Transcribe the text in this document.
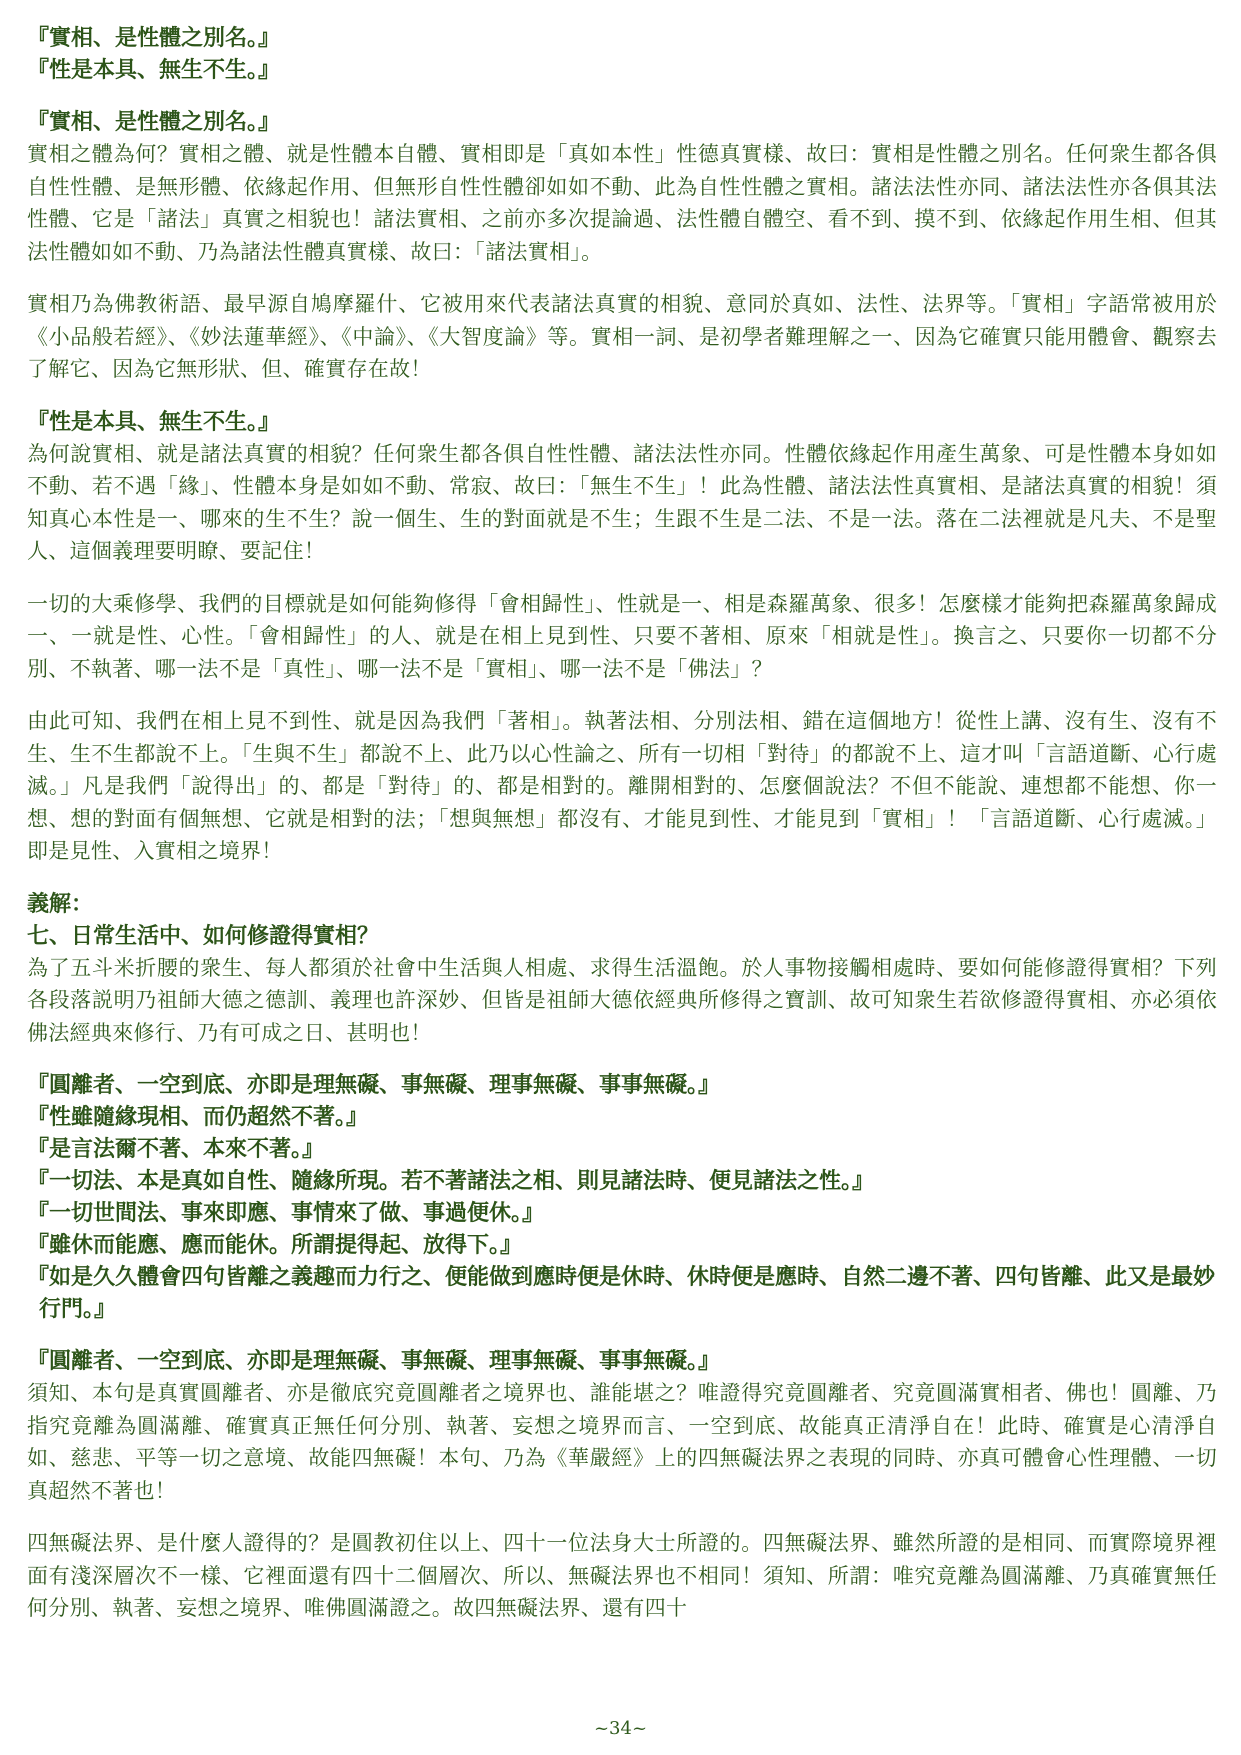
『實相、是性體之別名。』

『性是本具、無生不生。』

『實相、是性體之別名。』

實相之體為何？實相之體、就是性體本自體、實相即是「真如本性」性德真實樣、故曰：實相是性體之別名。任何衆生都各俱自性性體、是無形體、依緣起作用、但無形自性性體卻如如不動、此為自性性體之實相。諸法法性亦同、諸法法性亦各俱其法性體、它是「諸法」真實之相貌也！諸法實相、之前亦多次提論過、法性體自體空、看不到、摸不到、依緣起作用生相、但其法性體如如不動、乃為諸法性體真實樣、故曰：「諸法實相」。

實相乃為佛教術語、最早源自鳩摩羅什、它被用來代表諸法真實的相貌、意同於真如、法性、法界等。「實相」字語常被用於《小品般若經》、《妙法蓮華經》、《中論》、《大智度論》等。實相一詞、是初學者難理解之一、因為它確實只能用體會、觀察去了解它、因為它無形狀、但、確實存在故！

『性是本具、無生不生。』

為何說實相、就是諸法真實的相貌？任何衆生都各俱自性性體、諸法法性亦同。性體依緣起作用產生萬象、可是性體本身如如不動、若不遇「緣」、性體本身是如如不動、常寂、故曰：「無生不生」！此為性體、諸法法性真實相、是諸法真實的相貌！須知真心本性是一、哪來的生不生？說一個生、生的對面就是不生；生跟不生是二法、不是一法。落在二法裡就是凡夫、不是聖人、這個義理要明瞭、要記住！

一切的大乘修學、我們的目標就是如何能夠修得「會相歸性」、性就是一、相是森羅萬象、很多！怎麼樣才能夠把森羅萬象歸成一、一就是性、心性。「會相歸性」的人、就是在相上見到性、只要不著相、原來「相就是性」。換言之、只要你一切都不分別、不執著、哪一法不是「真性」、哪一法不是「實相」、哪一法不是「佛法」？

由此可知、我們在相上見不到性、就是因為我們「著相」。執著法相、分別法相、錯在這個地方！從性上講、沒有生、沒有不生、生不生都說不上。「生與不生」都說不上、此乃以心性論之、所有一切相「對待」的都說不上、這才叫「言語道斷、心行處滅。」凡是我們「說得出」的、都是「對待」的、都是相對的。離開相對的、怎麼個說法？不但不能說、連想都不能想、你一想、想的對面有個無想、它就是相對的法；「想與無想」都沒有、才能見到性、才能見到「實相」！「言語道斷、心行處滅。」即是見性、入實相之境界！

義解：

七、日常生活中、如何修證得實相？

為了五斗米折腰的衆生、每人都須於社會中生活與人相處、求得生活溫飽。於人事物接觸相處時、要如何能修證得實相？下列各段落説明乃祖師大德之德訓、義理也許深妙、但皆是祖師大德依經典所修得之寶訓、故可知衆生若欲修證得實相、亦必須依佛法經典來修行、乃有可成之日、甚明也！

『圓離者、一空到底、亦即是理無礙、事無礙、理事無礙、事事無礙。』

『性雖隨緣現相、而仍超然不著。』

『是言法爾不著、本來不著。』

『一切法、本是真如自性、隨緣所現。若不著諸法之相、則見諸法時、便見諸法之性。』

『一切世間法、事來即應、事情來了做、事過便休。』

『雖休而能應、應而能休。所謂提得起、放得下。』

『如是久久體會四句皆離之義趣而力行之、便能做到應時便是休時、休時便是應時、自然二邊不著、四句皆離、此又是最妙行門。』

『圓離者、一空到底、亦即是理無礙、事無礙、理事無礙、事事無礙。』

須知、本句是真實圓離者、亦是徹底究竟圓離者之境界也、誰能堪之？唯證得究竟圓離者、究竟圓滿實相者、佛也！圓離、乃指究竟離為圓滿離、確實真正無任何分別、執著、妄想之境界而言、一空到底、故能真正清淨自在！此時、確實是心清淨自如、慈悲、平等一切之意境、故能四無礙！本句、乃為《華嚴經》上的四無礙法界之表現的同時、亦真可體會心性理體、一切真超然不著也！

四無礙法界、是什麼人證得的？是圓教初住以上、四十一位法身大士所證的。四無礙法界、雖然所證的是相同、而實際境界裡面有淺深層次不一樣、它裡面還有四十二個層次、所以、無礙法界也不相同！須知、所謂：唯究竟離為圓滿離、乃真確實無任何分別、執著、妄想之境界、唯佛圓滿證之。故四無礙法界、還有四十

~34~
